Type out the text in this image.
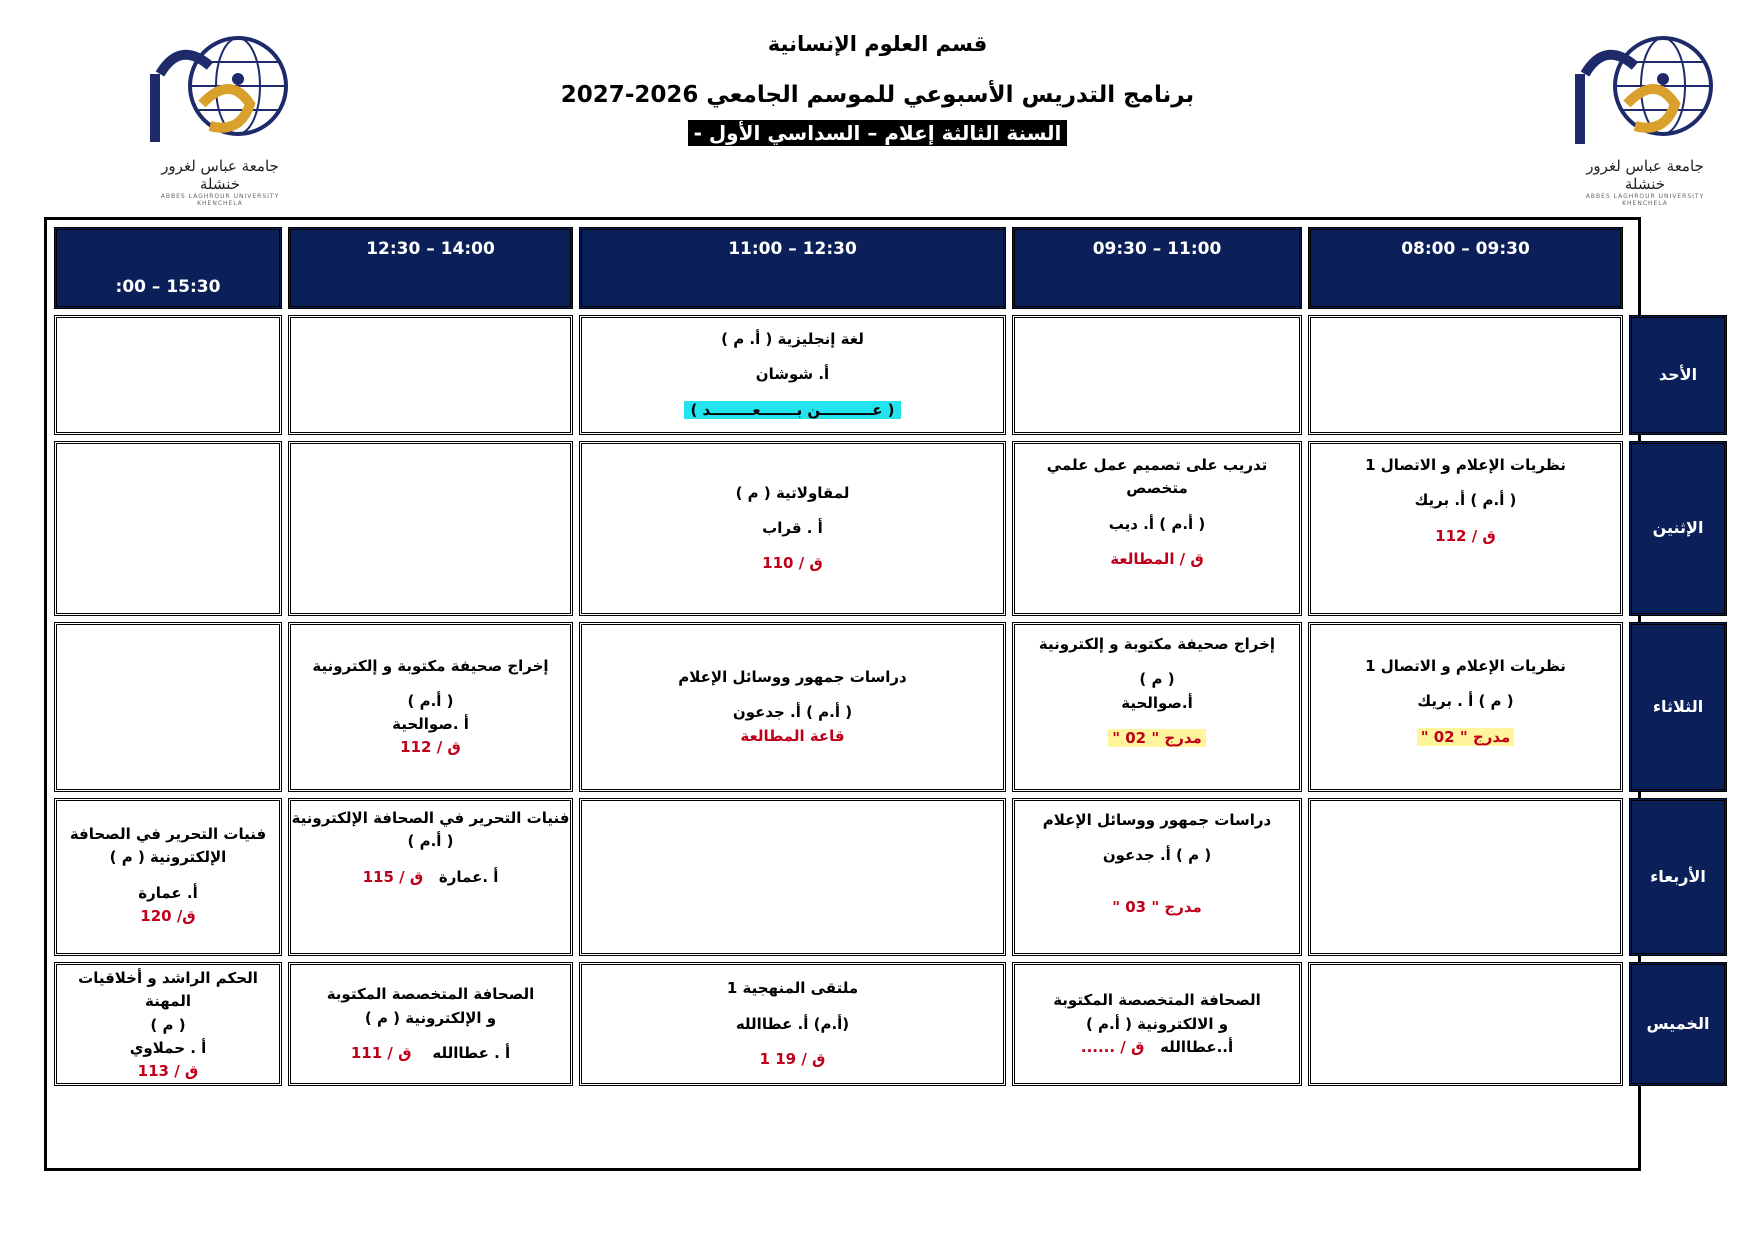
قسم العلوم الإنسانية
برنامج التدريس الأسبوعي للموسم الجامعي 2026-2027
السنة الثالثة إعلام – السداسي الأول -
جامعة عباس لغرور خنشلة
ABBES LAGHROUR UNIVERSITY KHENCHELA
جامعة عباس لغرور خنشلة
ABBES LAGHROUR UNIVERSITY KHENCHELA
15:30 – 00:	14:00 – 12:30	12:30 – 11:00	11:00 – 09:30	09:30 – 08:00	

		لغة إنجليزية ( أ. م )
أ. شوشان
( عــــــــــن بـــــــعــــــــد )			الأحد

		لمقاولاتية ( م )
أ . قراب
ق / 110	تدريب على تصميم عمل علمي متخصص
( أ.م ) أ. ديب
ق / المطالعة	نظريات الإعلام و الاتصال 1
( أ.م ) أ. بريك
ق / 112	الإثنين

	إخراج صحيفة مكتوبة و إلكترونية
( أ.م )
أ .صوالحية
ق / 112	دراسات جمهور ووسائل الإعلام
( أ.م ) أ. جدعون
قاعة المطالعة	إخراج صحيفة مكتوبة و إلكترونية
( م )
أ.صوالحية
مدرج " 02 "	نظريات الإعلام و الاتصال 1
( م ) أ . بريك
مدرج " 02 "	الثلاثاء

فنيات التحرير في الصحافة الإلكترونية ( م )
أ. عمارة
ق/ 120	فنيات التحرير في الصحافة الإلكترونية
( أ.م )
أ .عمارة   ق / 115		دراسات جمهور ووسائل الإعلام
( م ) أ. جدعون
مدرج " 03 "		الأربعاء

الحكم الراشد و أخلاقيات المهنة
( م )
أ . حملاوي
ق / 113	الصحافة المتخصصة المكتوبة
و الإلكترونية ( م )
أ . عطاالله    ق / 111	ملتقى المنهجية 1
(أ.م) أ. عطاالله
ق / 19 1	الصحافة المتخصصة المكتوبة
و الالكترونية ( أ.م )
أ..عطاالله   ق / ......		الخميس
